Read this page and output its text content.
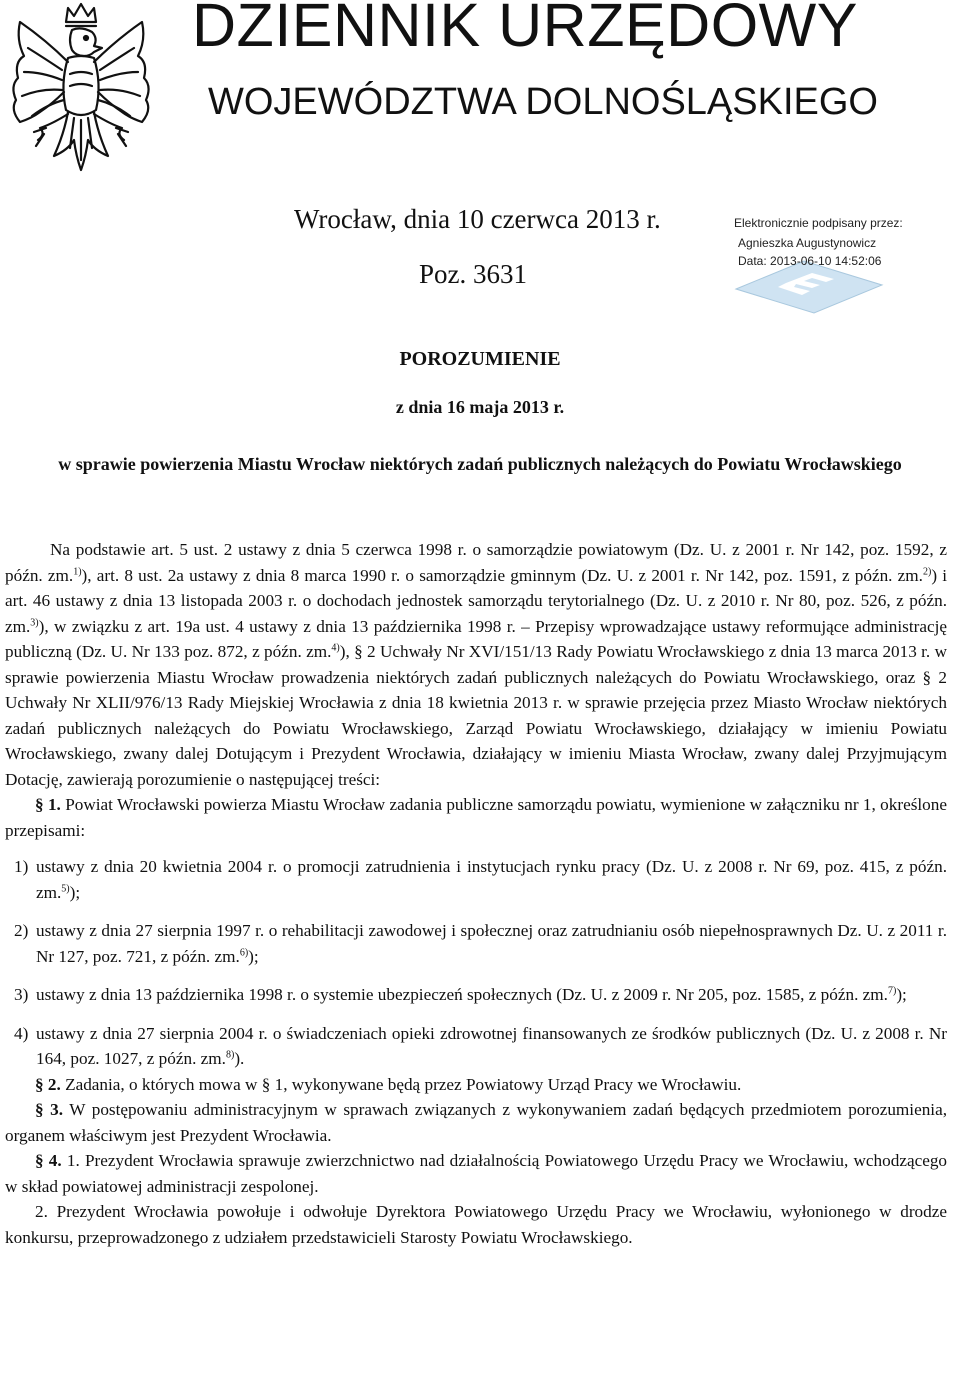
DZIENNIK URZĘDOWY
WOJEWÓDZTWA DOLNOŚLĄSKIEGO
Wrocław, dnia 10 czerwca 2013 r.
Poz. 3631
Elektronicznie podpisany przez:
Agnieszka Augustynowicz
Data: 2013-06-10 14:52:06
POROZUMIENIE
z dnia 16 maja 2013 r.
w sprawie powierzenia Miastu Wrocław niektórych zadań publicznych należących do Powiatu Wrocławskiego

Na podstawie art. 5 ust. 2 ustawy z dnia 5 czerwca 1998 r. o samorządzie powiatowym (Dz. U. z 2001 r. Nr 142, poz. 1592, z późn. zm.$^{1)}$), art. 8 ust. 2a ustawy z dnia 8 marca 1990 r. o samorządzie gminnym (Dz. U. z 2001 r. Nr 142, poz. 1591, z późn. zm.$^{2)}$) i art. 46 ustawy z dnia 13 listopada 2003 r. o dochodach jednostek samorządu terytorialnego (Dz. U. z 2010 r. Nr 80, poz. 526, z późn. zm.$^{3)}$), w związku z art. 19a ust. 4 ustawy z dnia 13 października 1998 r. – Przepisy wprowadzające ustawy reformujące administrację publiczną (Dz. U. Nr 133 poz. 872, z późn. zm.$^{4)}$), § 2 Uchwały Nr XVI/151/13 Rady Powiatu Wrocławskiego z dnia 13 marca 2013 r. w sprawie powierzenia Miastu Wrocław prowadzenia niektórych zadań publicznych należących do Powiatu Wrocławskiego, oraz § 2 Uchwały Nr XLII/976/13 Rady Miejskiej Wrocławia z dnia 18 kwietnia 2013 r. w sprawie przejęcia przez Miasto Wrocław niektórych zadań publicznych należących do Powiatu Wrocławskiego, Zarząd Powiatu Wrocławskiego, działający w imieniu Powiatu Wrocławskiego, zwany dalej Dotującym i Prezydent Wrocławia, działający w imieniu Miasta Wrocław, zwany dalej Przyjmującym Dotację, zawierają porozumienie o następującej treści:

§ 1. Powiat Wrocławski powierza Miastu Wrocław zadania publiczne samorządu powiatu, wymienione w załączniku nr 1, określone przepisami:

1) ustawy z dnia 20 kwietnia 2004 r. o promocji zatrudnienia i instytucjach rynku pracy (Dz. U. z 2008 r. Nr 69, poz. 415, z późn. zm.$^{5)}$);
2) ustawy z dnia 27 sierpnia 1997 r. o rehabilitacji zawodowej i społecznej oraz zatrudnianiu osób niepełnosprawnych Dz. U. z 2011 r. Nr 127, poz. 721, z późn. zm.$^{6)}$);
3) ustawy z dnia 13 października 1998 r. o systemie ubezpieczeń społecznych (Dz. U. z 2009 r. Nr 205, poz. 1585, z późn. zm.$^{7)}$);
4) ustawy z dnia 27 sierpnia 2004 r. o świadczeniach opieki zdrowotnej finansowanych ze środków publicznych (Dz. U. z 2008 r. Nr 164, poz. 1027, z późn. zm.$^{8)}$).

§ 2. Zadania, o których mowa w § 1, wykonywane będą przez Powiatowy Urząd Pracy we Wrocławiu.

§ 3. W postępowaniu administracyjnym w sprawach związanych z wykonywaniem zadań będących przedmiotem porozumienia, organem właściwym jest Prezydent Wrocławia.

§ 4. 1. Prezydent Wrocławia sprawuje zwierzchnictwo nad działalnością Powiatowego Urzędu Pracy we Wrocławiu, wchodzącego w skład powiatowej administracji zespolonej.

2. Prezydent Wrocławia powołuje i odwołuje Dyrektora Powiatowego Urzędu Pracy we Wrocławiu, wyłonionego w drodze konkursu, przeprowadzonego z udziałem przedstawicieli Starosty Powiatu Wrocławskiego.
